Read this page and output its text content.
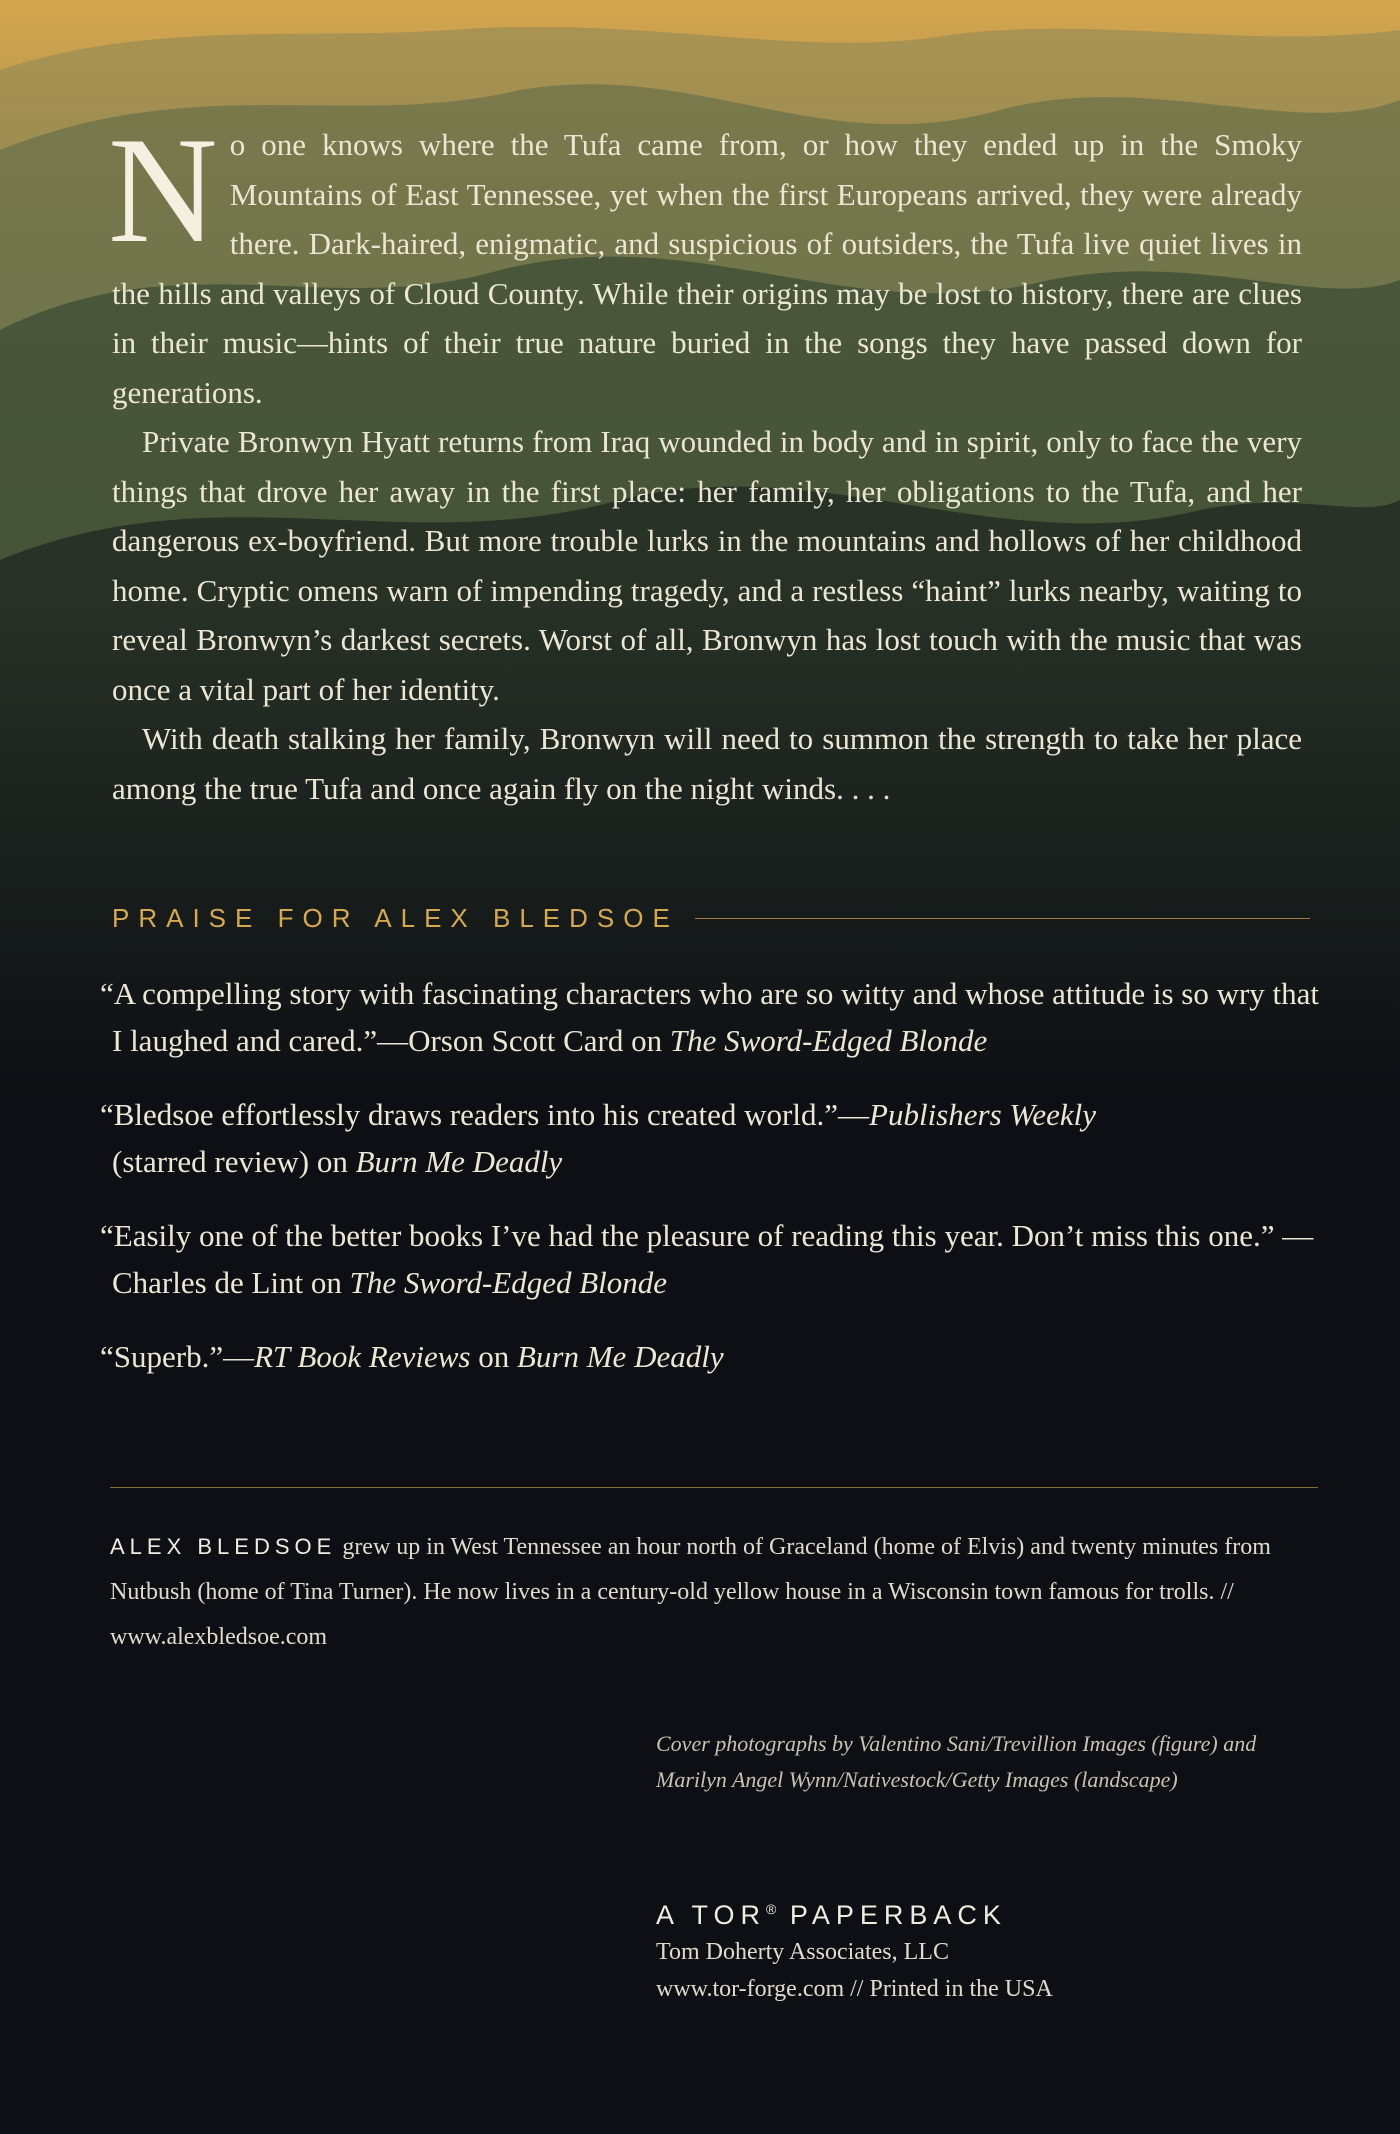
No one knows where the Tufa came from, or how they ended up in the Smoky Mountains of East Tennessee, yet when the first Europeans arrived, they were already there. Dark-haired, enigmatic, and suspicious of outsiders, the Tufa live quiet lives in the hills and valleys of Cloud County. While their origins may be lost to history, there are clues in their music—hints of their true nature buried in the songs they have passed down for generations.

Private Bronwyn Hyatt returns from Iraq wounded in body and in spirit, only to face the very things that drove her away in the first place: her family, her obligations to the Tufa, and her dangerous ex-boyfriend. But more trouble lurks in the mountains and hollows of her childhood home. Cryptic omens warn of impending tragedy, and a restless “haint” lurks nearby, waiting to reveal Bronwyn’s darkest secrets. Worst of all, Bronwyn has lost touch with the music that was once a vital part of her identity.

With death stalking her family, Bronwyn will need to summon the strength to take her place among the true Tufa and once again fly on the night winds. . . .

PRAISE FOR ALEX BLEDSOE

“A compelling story with fascinating characters who are so witty and whose attitude is so wry that I laughed and cared.”—Orson Scott Card on The Sword-Edged Blonde

“Bledsoe effortlessly draws readers into his created world.”—Publishers Weekly
(starred review) on Burn Me Deadly

“Easily one of the better books I’ve had the pleasure of reading this year. Don’t miss this one.” —Charles de Lint on The Sword-Edged Blonde

“Superb.”—RT Book Reviews on Burn Me Deadly

ALEX BLEDSOE grew up in West Tennessee an hour north of Graceland (home of Elvis) and twenty minutes from Nutbush (home of Tina Turner). He now lives in a century-old yellow house in a Wisconsin town famous for trolls. // www.alexbledsoe.com
Cover photographs by Valentino Sani/Trevillion Images (figure) and Marilyn Angel Wynn/Nativestock/Getty Images (landscape)
A TOR® PAPERBACK
Tom Doherty Associates, LLC
www.tor-forge.com // Printed in the USA
